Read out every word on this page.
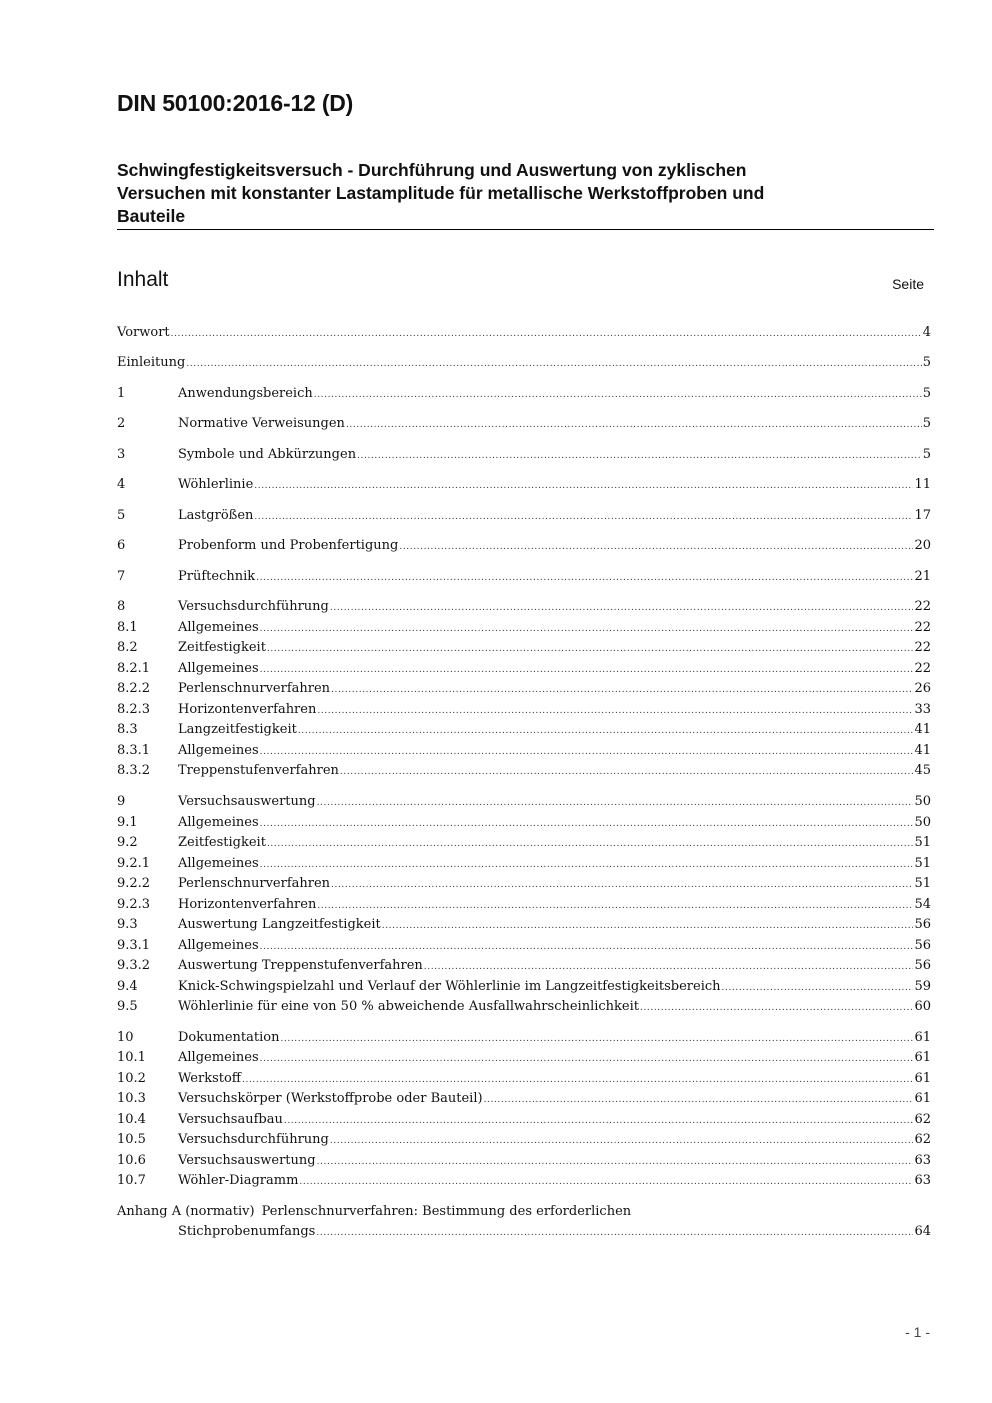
DIN 50100:2016-12 (D)
Schwingfestigkeitsversuch - Durchführung und Auswertung von zyklischen
Versuchen mit konstanter Lastamplitude für metallische Werkstoffproben und
Bauteile
Inhalt	Seite
Vorwort .....	4
Einleitung .....	5
1	Anwendungsbereich .....	5
2	Normative Verweisungen .....	5
3	Symbole und Abkürzungen .....	5
4	Wöhlerlinie .....	11
5	Lastgrößen .....	17
6	Probenform und Probenfertigung .....	20
7	Prüftechnik .....	21
8	Versuchsdurchführung .....	22
8.1	Allgemeines .....	22
8.2	Zeitfestigkeit .....	22
8.2.1	Allgemeines .....	22
8.2.2	Perlenschnurverfahren .....	26
8.2.3	Horizontenverfahren .....	33
8.3	Langzeitfestigkeit .....	41
8.3.1	Allgemeines .....	41
8.3.2	Treppenstufenverfahren .....	45
9	Versuchsauswertung .....	50
9.1	Allgemeines .....	50
9.2	Zeitfestigkeit .....	51
9.2.1	Allgemeines .....	51
9.2.2	Perlenschnurverfahren .....	51
9.2.3	Horizontenverfahren .....	54
9.3	Auswertung Langzeitfestigkeit .....	56
9.3.1	Allgemeines .....	56
9.3.2	Auswertung Treppenstufenverfahren .....	56
9.4	Knick-Schwingspielzahl und Verlauf der Wöhlerlinie im Langzeitfestigkeitsbereich .....	59
9.5	Wöhlerlinie für eine von 50 % abweichende Ausfallwahrscheinlichkeit .....	60
10	Dokumentation .....	61
10.1	Allgemeines .....	61
10.2	Werkstoff .....	61
10.3	Versuchskörper (Werkstoffprobe oder Bauteil) .....	61
10.4	Versuchsaufbau .....	62
10.5	Versuchsdurchführung .....	62
10.6	Versuchsauswertung .....	63
10.7	Wöhler-Diagramm .....	63
Anhang A (normativ) Perlenschnurverfahren: Bestimmung des erforderlichen
Stichprobenumfangs .....	64
- 1 -
